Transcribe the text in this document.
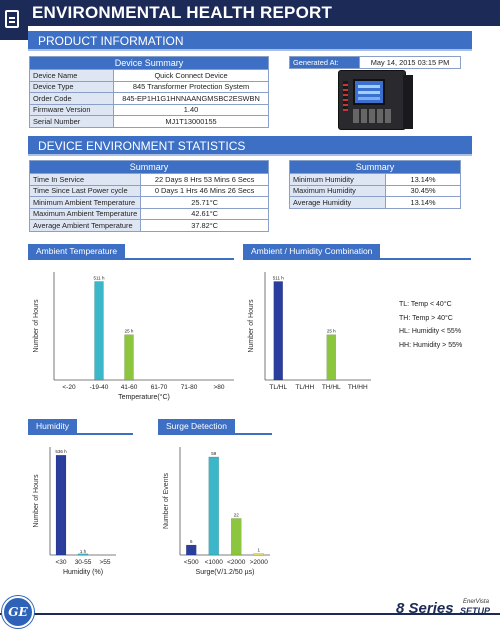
ENVIRONMENTAL HEALTH REPORT
PRODUCT INFORMATION
Device Summary	
Device Name	Quick Connect Device
Device Type	845 Transformer Protection System
Order Code	845-EP1H1G1HNNAANGMSBC2ESWBN
Firmware Version	1.40
Serial Number	MJ1T13000155
Generated At:	May 14, 2015 03:15 PM
DEVICE ENVIRONMENT STATISTICS
Summary	
Time In Service	22 Days 8 Hrs 53 Mins 6 Secs
Time Since Last Power cycle	0 Days 1 Hrs 46 Mins 26 Secs
Minimum Ambient Temperature	25.71°C
Maximum Ambient Temperature	42.61°C
Average Ambient Temperature	37.82°C
Summary	
Minimum Humidity	13.14%
Maximum Humidity	30.45%
Average Humidity	13.14%
Ambient Temperature	Ambient / Humidity Combination
Humidity	Surge Detection
Number of Hours
<-20
511 h
-19-40
25 h
41-60 61-70 71-80 >80
Temperature(°C)
Number of Hours
511 h
TL/HL TL/HH
25 h
TH/HL TH/HH
Number of Hours
536 h
<30
1 h
30-55 >55
Humidity (%)
Number of Events
6
<500
59
<1000
22
<2000
1
>2000
Surge(V/1.2/50 µs)
TL: Temp < 40°C
TH: Temp > 40°C
HL: Humidity < 55%
HH: Humidity > 55%
GE	8 Series EnerVista
SETUP
